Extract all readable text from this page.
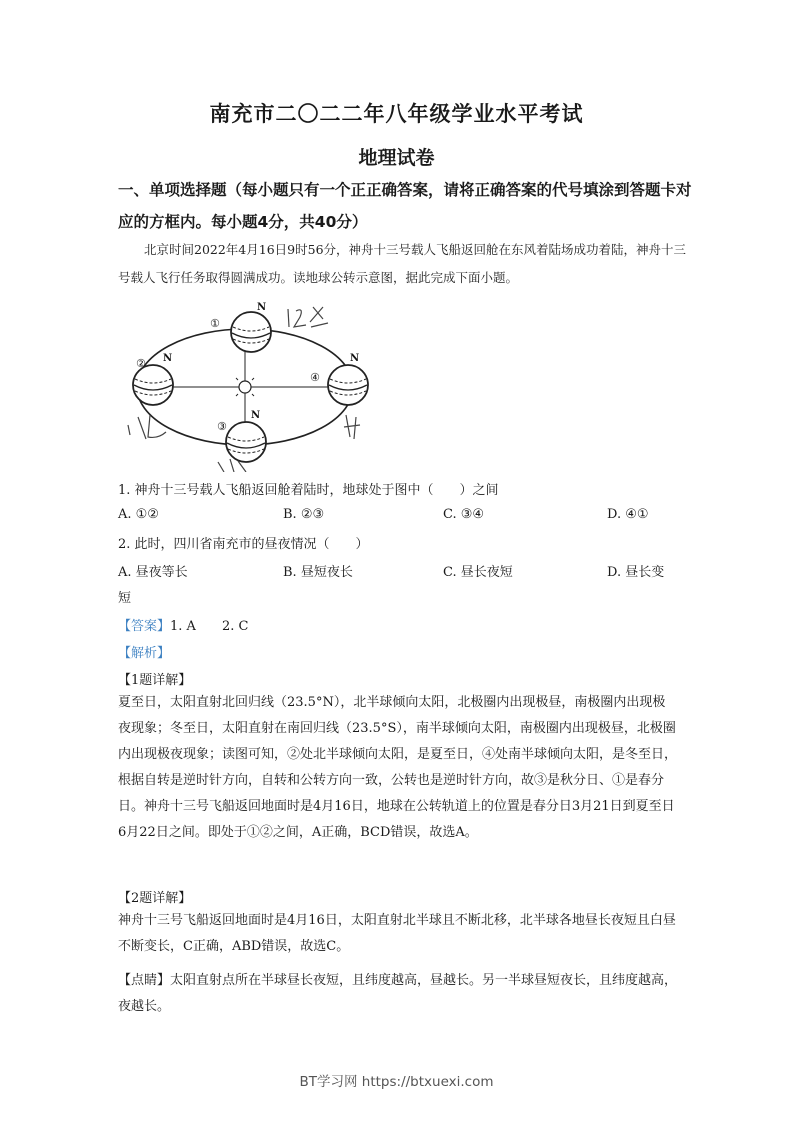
南充市二〇二二年八年级学业水平考试
地理试卷
一、单项选择题（每小题只有一个正正确答案，请将正确答案的代号填涂到答题卡对应的方框内。每小题4分，共40分）
北京时间2022年4月16日9时56分，神舟十三号载人飞船返回舱在东风着陆场成功着陆，神舟十三号载人飞行任务取得圆满成功。读地球公转示意图，据此完成下面小题。
N
N	N
N
①
②
③
④
1. 神舟十三号载人飞船返回舱着陆时，地球处于图中（　　）之间
A. ①②	B. ②③	C. ③④	D. ④①
2. 此时，四川省南充市的昼夜情况（　　）
A. 昼夜等长	B. 昼短夜长	C. 昼长夜短	D. 昼长变
短
【答案】1. A　　2. C
【解析】
【1题详解】
夏至日，太阳直射北回归线（23.5°N），北半球倾向太阳，北极圈内出现极昼，南极圈内出现极夜现象；冬至日，太阳直射在南回归线（23.5°S），南半球倾向太阳，南极圈内出现极昼，北极圈内出现极夜现象；读图可知，②处北半球倾向太阳，是夏至日，④处南半球倾向太阳，是冬至日，根据自转是逆时针方向，自转和公转方向一致，公转也是逆时针方向，故③是秋分日、①是春分日。神舟十三号飞船返回地面时是4月16日，地球在公转轨道上的位置是春分日3月21日到夏至日6月22日之间。即处于①②之间，A正确，BCD错误，故选A。
【2题详解】
神舟十三号飞船返回地面时是4月16日，太阳直射北半球且不断北移，北半球各地昼长夜短且白昼不断变长，C正确，ABD错误，故选C。
【点睛】太阳直射点所在半球昼长夜短，且纬度越高，昼越长。另一半球昼短夜长，且纬度越高，夜越长。
BT学习网 https://btxuexi.com
